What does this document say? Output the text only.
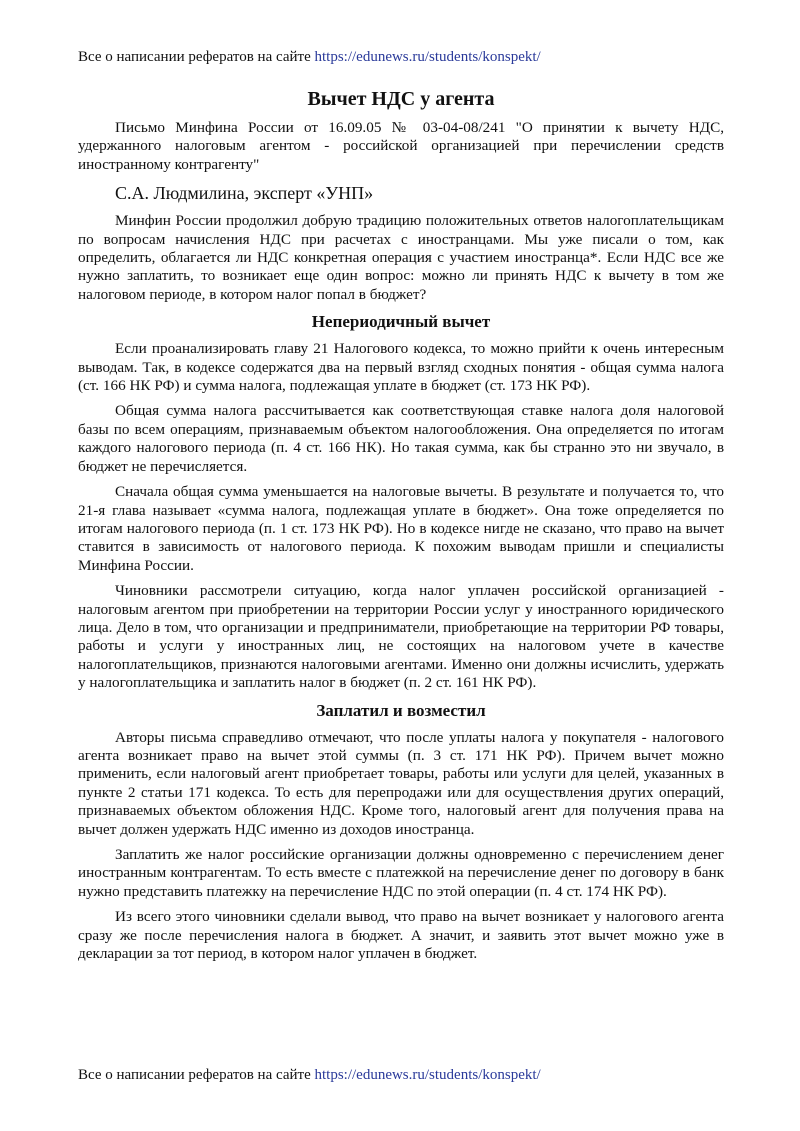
Все о написании рефератов на сайте https://edunews.ru/students/konspekt/
Вычет НДС у агента

Письмо Минфина России от 16.09.05 № 03-04-08/241 "О принятии к вычету НДС, удержанного налоговым агентом - российской организацией при перечислении средств иностранному контрагенту"

С.А. Людмилина, эксперт «УНП»

Минфин России продолжил добрую традицию положительных ответов налогоплательщикам по вопросам начисления НДС при расчетах с иностранцами. Мы уже писали о том, как определить, облагается ли НДС конкретная операция с участием иностранца*. Если НДС все же нужно заплатить, то возникает еще один вопрос: можно ли принять НДС к вычету в том же налоговом периоде, в котором налог попал в бюджет?

Непериодичный вычет

Если проанализировать главу 21 Налогового кодекса, то можно прийти к очень интересным выводам. Так, в кодексе содержатся два на первый взгляд сходных понятия - общая сумма налога (ст. 166 НК РФ) и сумма налога, подлежащая уплате в бюджет (ст. 173 НК РФ).

Общая сумма налога рассчитывается как соответствующая ставке налога доля налоговой базы по всем операциям, признаваемым объектом налогообложения. Она определяется по итогам каждого налогового периода (п. 4 ст. 166 НК). Но такая сумма, как бы странно это ни звучало, в бюджет не перечисляется.

Сначала общая сумма уменьшается на налоговые вычеты. В результате и получается то, что 21-я глава называет «сумма налога, подлежащая уплате в бюджет». Она тоже определяется по итогам налогового периода (п. 1 ст. 173 НК РФ). Но в кодексе нигде не сказано, что право на вычет ставится в зависимость от налогового периода. К похожим выводам пришли и специалисты Минфина России.

Чиновники рассмотрели ситуацию, когда налог уплачен российской организацией - налоговым агентом при приобретении на территории России услуг у иностранного юридического лица. Дело в том, что организации и предприниматели, приобретающие на территории РФ товары, работы и услуги у иностранных лиц, не состоящих на налоговом учете в качестве налогоплательщиков, признаются налоговыми агентами. Именно они должны исчислить, удержать у налогоплательщика и заплатить налог в бюджет (п. 2 ст. 161 НК РФ).

Заплатил и возместил

Авторы письма справедливо отмечают, что после уплаты налога у покупателя - налогового агента возникает право на вычет этой суммы (п. 3 ст. 171 НК РФ). Причем вычет можно применить, если налоговый агент приобретает товары, работы или услуги для целей, указанных в пункте 2 статьи 171 кодекса. То есть для перепродажи или для осуществления других операций, признаваемых объектом обложения НДС. Кроме того, налоговый агент для получения права на вычет должен удержать НДС именно из доходов иностранца.

Заплатить же налог российские организации должны одновременно с перечислением денег иностранным контрагентам. То есть вместе с платежкой на перечисление денег по договору в банк нужно представить платежку на перечисление НДС по этой операции (п. 4 ст. 174 НК РФ).

Из всего этого чиновники сделали вывод, что право на вычет возникает у налогового агента сразу же после перечисления налога в бюджет. А значит, и заявить этот вычет можно уже в декларации за тот период, в котором налог уплачен в бюджет.

Все о написании рефератов на сайте https://edunews.ru/students/konspekt/
